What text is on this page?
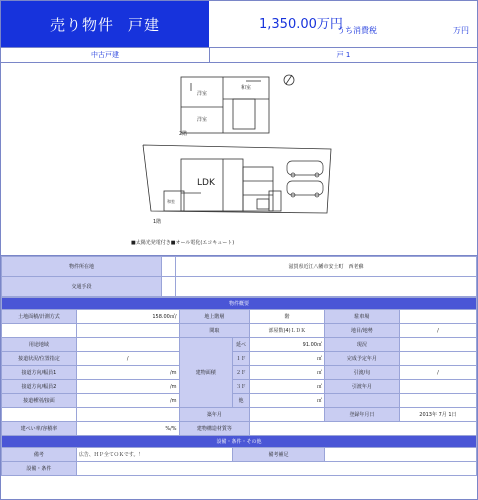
売り物件 戸建	1,350.00万円
うち消費税	万円
中古戸建	戸 1
2階
1階
洋室
和室
洋室
LDK
和室
■太陽光発電付き■オール電化(エコキュート)
物件所在地		滋賀県近江八幡市安土町　西老蘇
交通手段		
物件概要						
土地面積/計測方式	158.00㎡/	地上階層		階	駐車場	
		間取		部屋数(4)ＬＤＫ	地目/地勢	/
用途地域		建物面積	延べ	91.00㎡	現況	
接道状況/位置指定	/		１Ｆ	㎡	完成予定年月	
接道方向/幅員1	/m		２Ｆ	㎡	引渡/旬	/
接道方向/幅員2	/m		３Ｆ	㎡	引渡年月	
接道種別/接面	/m		他	㎡		
		築年月			登録年月日	2013年 7月 1日
建ぺい率/容積率	%/%	建物構造材質等				
設備・条件・その他						
備考	広告、ＨＰ全てＯＫです。！		備考補足			
設備・条件						
